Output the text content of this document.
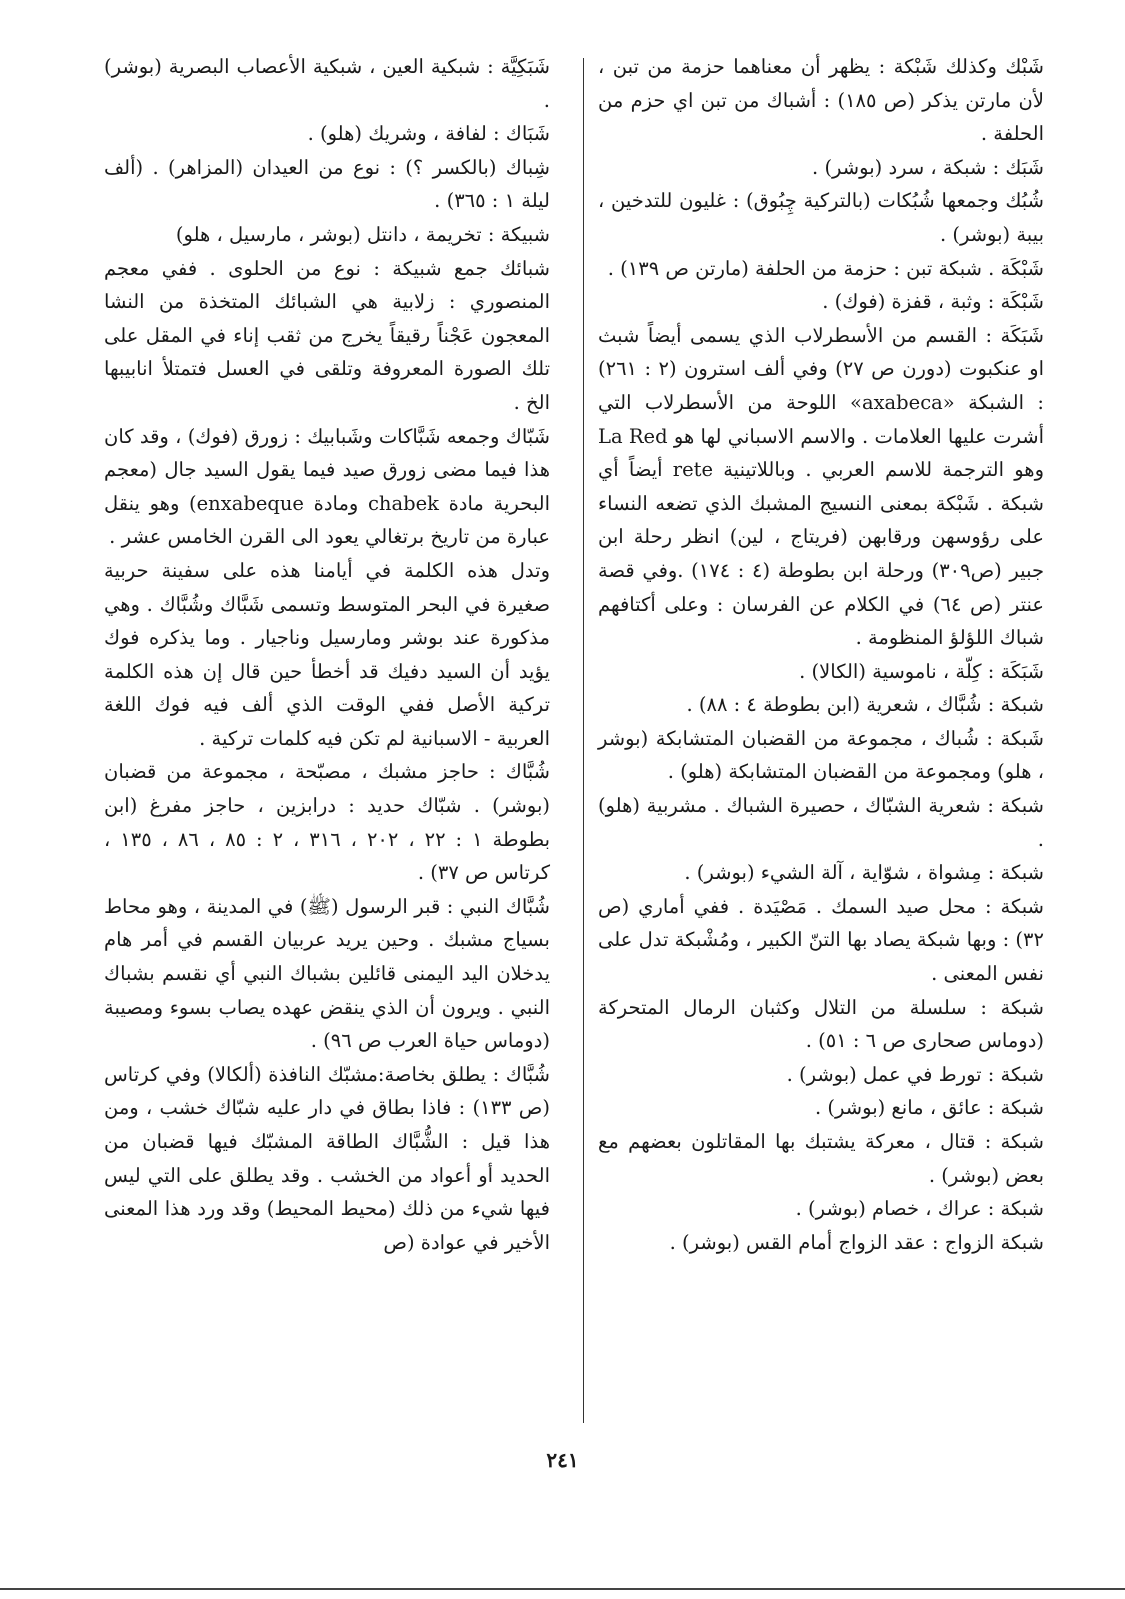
شَبْك وكذلك شَبْكة : يظهر أن معناهما حزمة من تبن ، لأن مارتن يذكر (ص ١٨٥) : أشباك من تبن اي حزم من الحلفة .

شَبَك : شبكة ، سرد (بوشر) .

شُبُك وجمعها شُبُكات (بالتركية چِبُوق) : غليون للتدخين ، بيبة (بوشر) .

شَبْكَة . شبكة تبن : حزمة من الحلفة (مارتن ص ١٣٩) .

شَبْكَة : وثبة ، قفزة (فوك) .

شَبَكَة : القسم من الأسطرلاب الذي يسمى أيضاً شبث او عنكبوت (دورن ص ٢٧) وفي ألف استرون (٢ : ٢٦١) : الشبكة «axabeca» اللوحة من الأسطرلاب التي أشرت عليها العلامات . والاسم الاسباني لها هو La Red وهو الترجمة للاسم العربي . وباللاتينية rete أيضاً أي شبكة . شَبْكة بمعنى النسيج المشبك الذي تضعه النساء على رؤوسهن ورقابهن (فريتاج ، لين) انظر رحلة ابن جبير (ص٣٠٩) ورحلة ابن بطوطة (٤ : ١٧٤) .وفي قصة عنتر (ص ٦٤) في الكلام عن الفرسان : وعلى أكتافهم شباك اللؤلؤ المنظومة .

شَبَكَة : كِلّة ، ناموسية (الكالا) .

شبكة : شُبَّاك ، شعرية (ابن بطوطة ٤ : ٨٨) .

شَبكة : شُباك ، مجموعة من القضبان المتشابكة (بوشر ، هلو) ومجموعة من القضبان المتشابكة (هلو) .

شبكة : شعرية الشبّاك ، حصيرة الشباك . مشربية (هلو) .

شبكة : مِشواة ، شوّاية ، آلة الشيء (بوشر) .

شبكة : محل صيد السمك . مَصْيَدة . ففي أماري (ص ٣٢) : وبها شبكة يصاد بها التنّ الكبير ، ومُشْبكة تدل على نفس المعنى .

شبكة : سلسلة من التلال وكثبان الرمال المتحركة (دوماس صحارى ص ٦ : ٥١) .

شبكة : تورط في عمل (بوشر) .

شبكة : عائق ، مانع (بوشر) .

شبكة : قتال ، معركة يشتبك بها المقاتلون بعضهم مع بعض (بوشر) .

شبكة : عراك ، خصام (بوشر) .

شبكة الزواج : عقد الزواج أمام القس (بوشر) .

شَبَكِيَّة : شبكية العين ، شبكية الأعصاب البصرية (بوشر) .

شَبَاك : لفافة ، وشريك (هلو) .

شِباك (بالكسر ؟) : نوع من العيدان (المزاهر) . (ألف ليلة ١ : ٣٦٥) .

شبيكة : تخريمة ، دانتل (بوشر ، مارسيل ، هلو)

شبائك جمع شبيكة : نوع من الحلوى . ففي معجم المنصوري : زلابية هي الشبائك المتخذة من النشا المعجون عَجْناً رقيقاً يخرج من ثقب إناء في المقل على تلك الصورة المعروفة وتلقى في العسل فتمتلأ انابيبها الخ .

شَبّاك وجمعه شَبَّاكات وشَبابيك : زورق (فوك) ، وقد كان هذا فيما مضى زورق صيد فيما يقول السيد جال (معجم البحرية مادة chabek ومادة enxabeque) وهو ينقل عبارة من تاريخ برتغالي يعود الى القرن الخامس عشر .

وتدل هذه الكلمة في أيامنا هذه على سفينة حربية صغيرة في البحر المتوسط وتسمى شَبَّاك وشُبَّاك . وهي مذكورة عند بوشر ومارسيل وناجيار . وما يذكره فوك يؤيد أن السيد دفيك قد أخطأ حين قال إن هذه الكلمة تركية الأصل ففي الوقت الذي ألف فيه فوك اللغة العربية - الاسبانية لم تكن فيه كلمات تركية .

شُبَّاك : حاجز مشبك ، مصبّحة ، مجموعة من قضبان (بوشر) . شبّاك حديد : درابزين ، حاجز مفرغ (ابن بطوطة ١ : ٢٢ ، ٢٠٢ ، ٣١٦ ، ٢ : ٨٥ ، ٨٦ ، ١٣٥ ، كرتاس ص ٣٧) .

شُبَّاك النبي : قبر الرسول (ﷺ) في المدينة ، وهو محاط بسياج مشبك . وحين يريد عربيان القسم في أمر هام يدخلان اليد اليمنى قائلين بشباك النبي أي نقسم بشباك النبي . ويرون أن الذي ينقض عهده يصاب بسوء ومصيبة (دوماس حياة العرب ص ٩٦) .

شُبَّاك : يطلق بخاصة:مشبّك النافذة (ألكالا) وفي كرتاس (ص ١٣٣) : فاذا بطاق في دار عليه شبّاك خشب ، ومن هذا قيل : الشُّبَّاك الطاقة المشبّك فيها قضبان من الحديد أو أعواد من الخشب . وقد يطلق على التي ليس فيها شيء من ذلك (محيط المحيط) وقد ورد هذا المعنى الأخير في عوادة (ص

٢٤١
